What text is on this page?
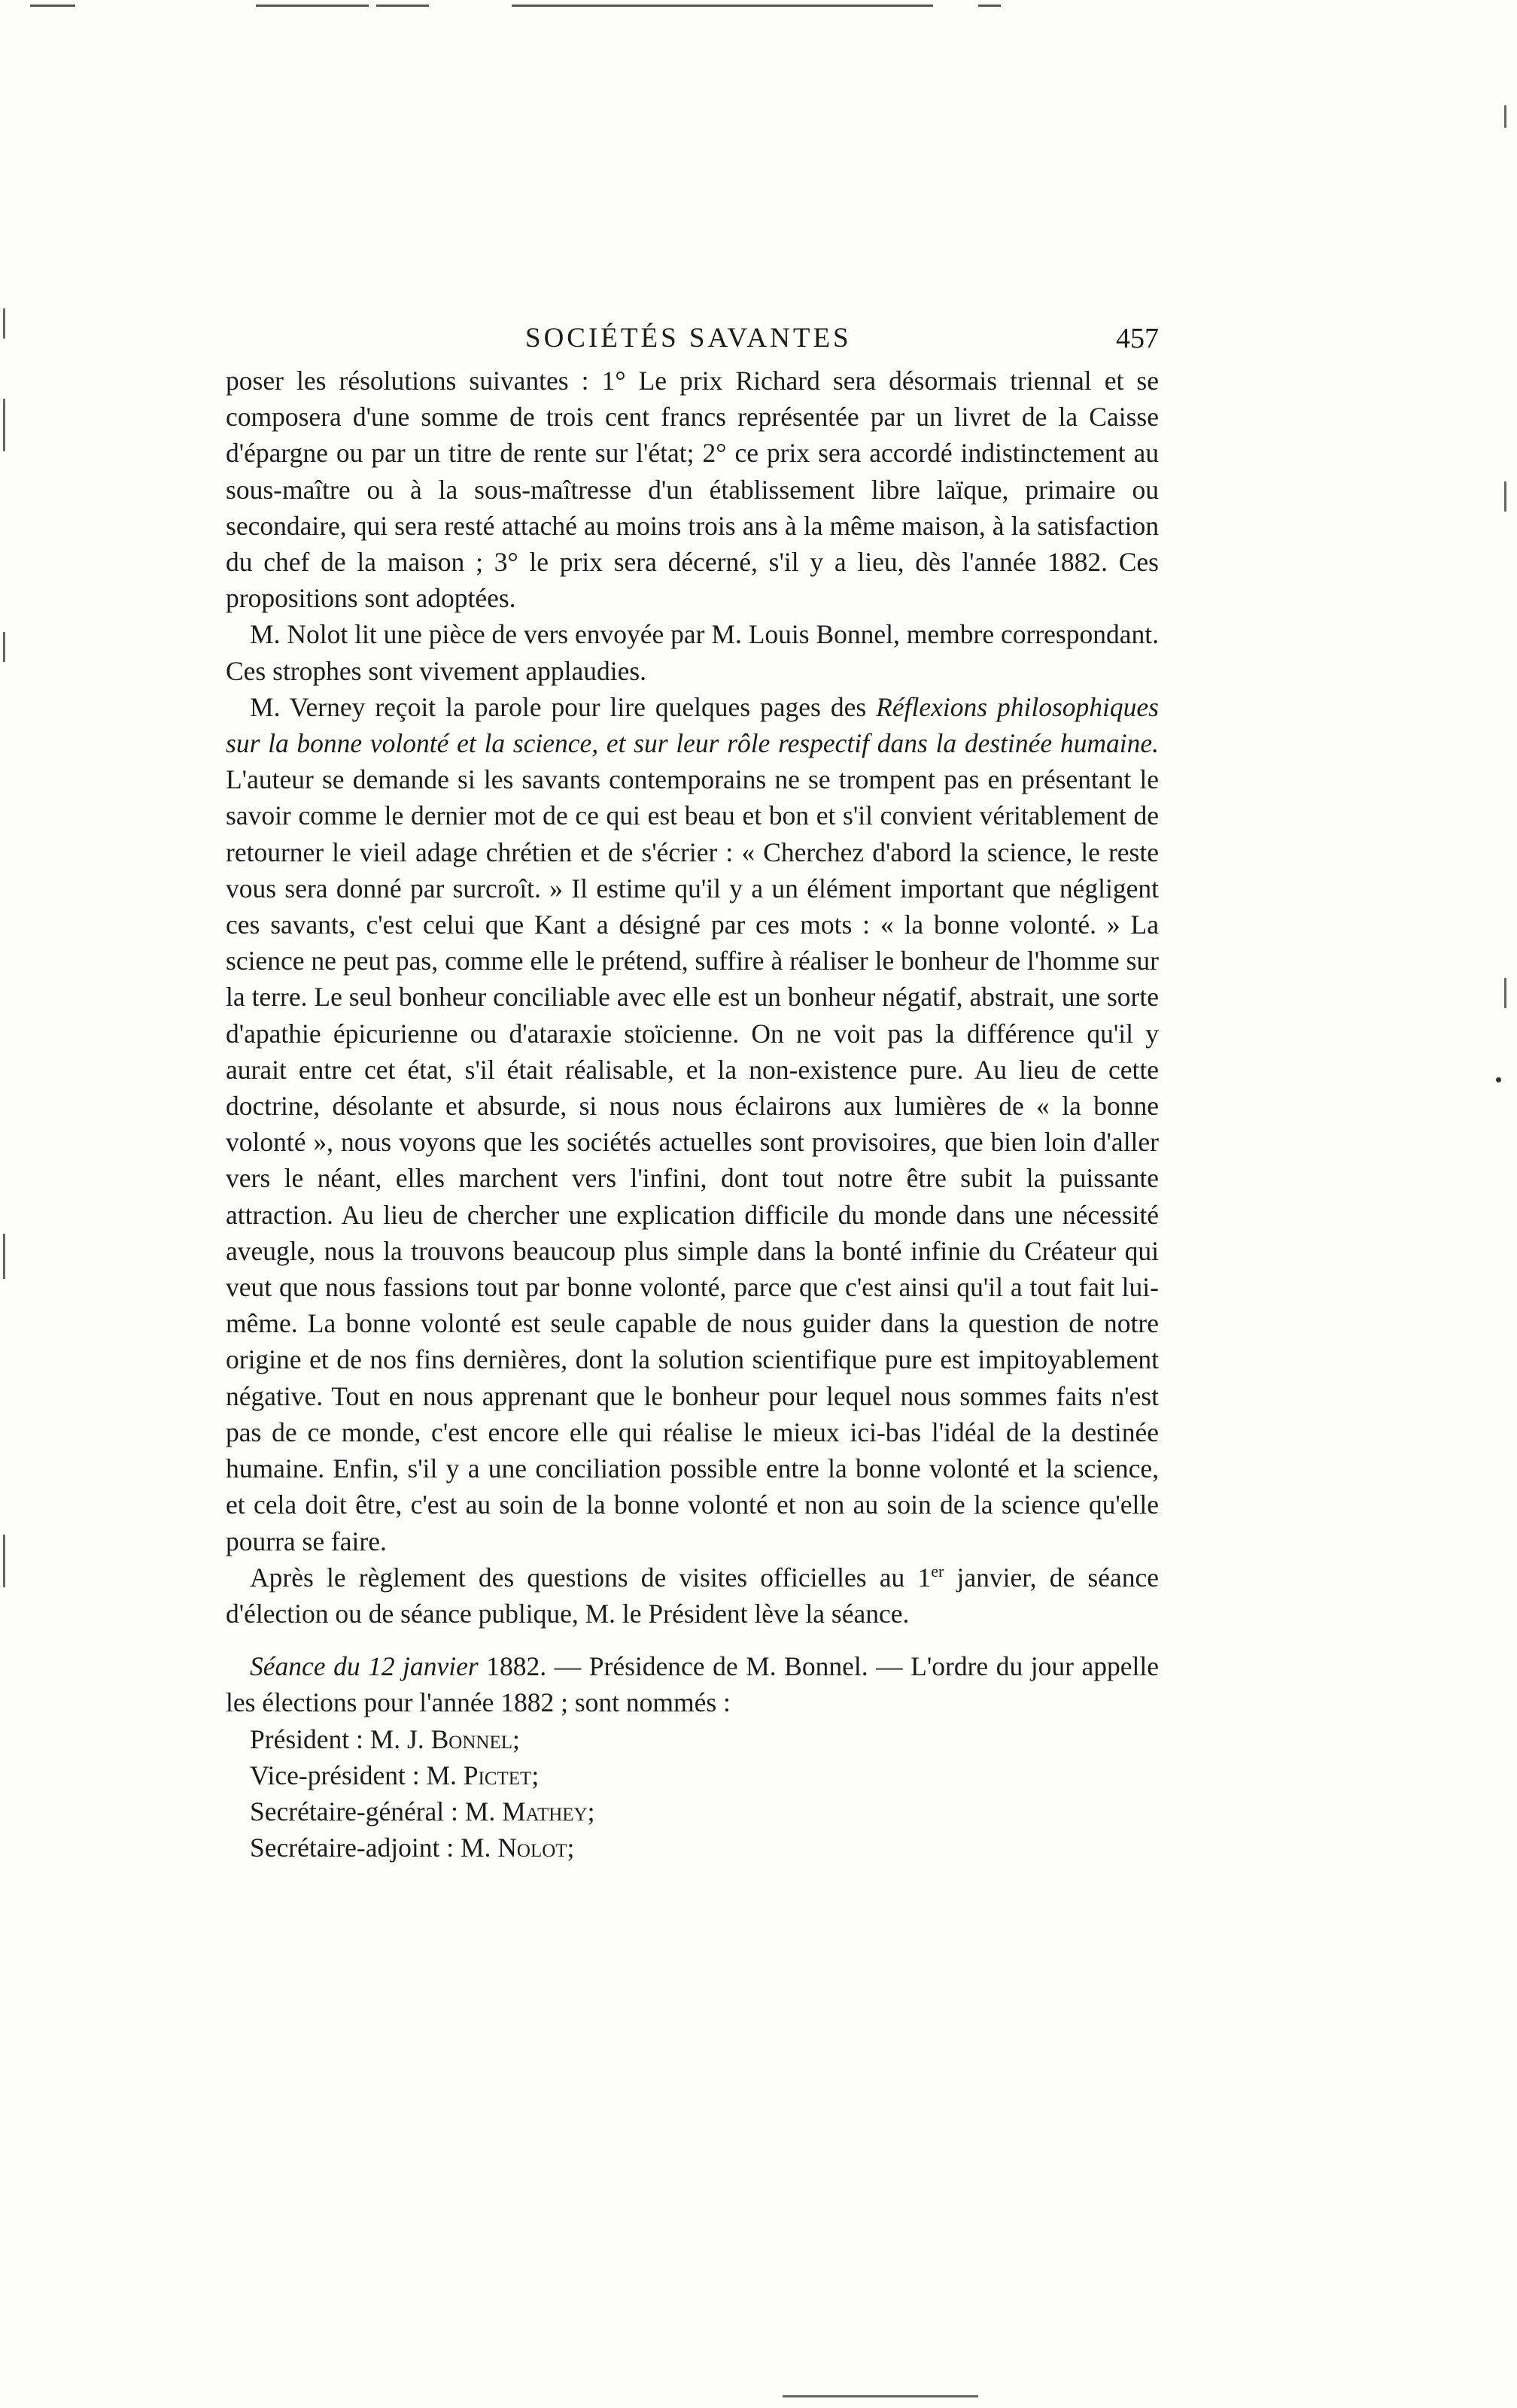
SOCIÉTÉS SAVANTES	457

poser les résolutions suivantes : 1° Le prix Richard sera désormais triennal et se composera d'une somme de trois cent francs représentée par un livret de la Caisse d'épargne ou par un titre de rente sur l'état; 2° ce prix sera accordé indistinctement au sous-maître ou à la sous-maîtresse d'un établissement libre laïque, primaire ou secondaire, qui sera resté attaché au moins trois ans à la même maison, à la satisfaction du chef de la maison ; 3° le prix sera décerné, s'il y a lieu, dès l'année 1882. Ces propositions sont adoptées.

M. Nolot lit une pièce de vers envoyée par M. Louis Bonnel, membre correspondant. Ces strophes sont vivement applaudies.

M. Verney reçoit la parole pour lire quelques pages des Réflexions philosophiques sur la bonne volonté et la science, et sur leur rôle respectif dans la destinée humaine. L'auteur se demande si les savants contemporains ne se trompent pas en présentant le savoir comme le dernier mot de ce qui est beau et bon et s'il convient véritablement de retourner le vieil adage chrétien et de s'écrier : « Cherchez d'abord la science, le reste vous sera donné par surcroît. » Il estime qu'il y a un élément important que négligent ces savants, c'est celui que Kant a désigné par ces mots : « la bonne volonté. » La science ne peut pas, comme elle le prétend, suffire à réaliser le bonheur de l'homme sur la terre. Le seul bonheur conciliable avec elle est un bonheur négatif, abstrait, une sorte d'apathie épicurienne ou d'ataraxie stoïcienne. On ne voit pas la différence qu'il y aurait entre cet état, s'il était réalisable, et la non-existence pure. Au lieu de cette doctrine, désolante et absurde, si nous nous éclairons aux lumières de « la bonne volonté », nous voyons que les sociétés actuelles sont provisoires, que bien loin d'aller vers le néant, elles marchent vers l'infini, dont tout notre être subit la puissante attraction. Au lieu de chercher une explication difficile du monde dans une nécessité aveugle, nous la trouvons beaucoup plus simple dans la bonté infinie du Créateur qui veut que nous fassions tout par bonne volonté, parce que c'est ainsi qu'il a tout fait lui-même. La bonne volonté est seule capable de nous guider dans la question de notre origine et de nos fins dernières, dont la solution scientifique pure est impitoyablement négative. Tout en nous apprenant que le bonheur pour lequel nous sommes faits n'est pas de ce monde, c'est encore elle qui réalise le mieux ici-bas l'idéal de la destinée humaine. Enfin, s'il y a une conciliation possible entre la bonne volonté et la science, et cela doit être, c'est au soin de la bonne volonté et non au soin de la science qu'elle pourra se faire.

Après le règlement des questions de visites officielles au 1er janvier, de séance d'élection ou de séance publique, M. le Président lève la séance.

Séance du 12 janvier 1882. — Présidence de M. Bonnel. — L'ordre du jour appelle les élections pour l'année 1882 ; sont nommés :

Président : M. J. Bonnel;
Vice-président : M. Pictet;
Secrétaire-général : M. Mathey;
Secrétaire-adjoint : M. Nolot;
